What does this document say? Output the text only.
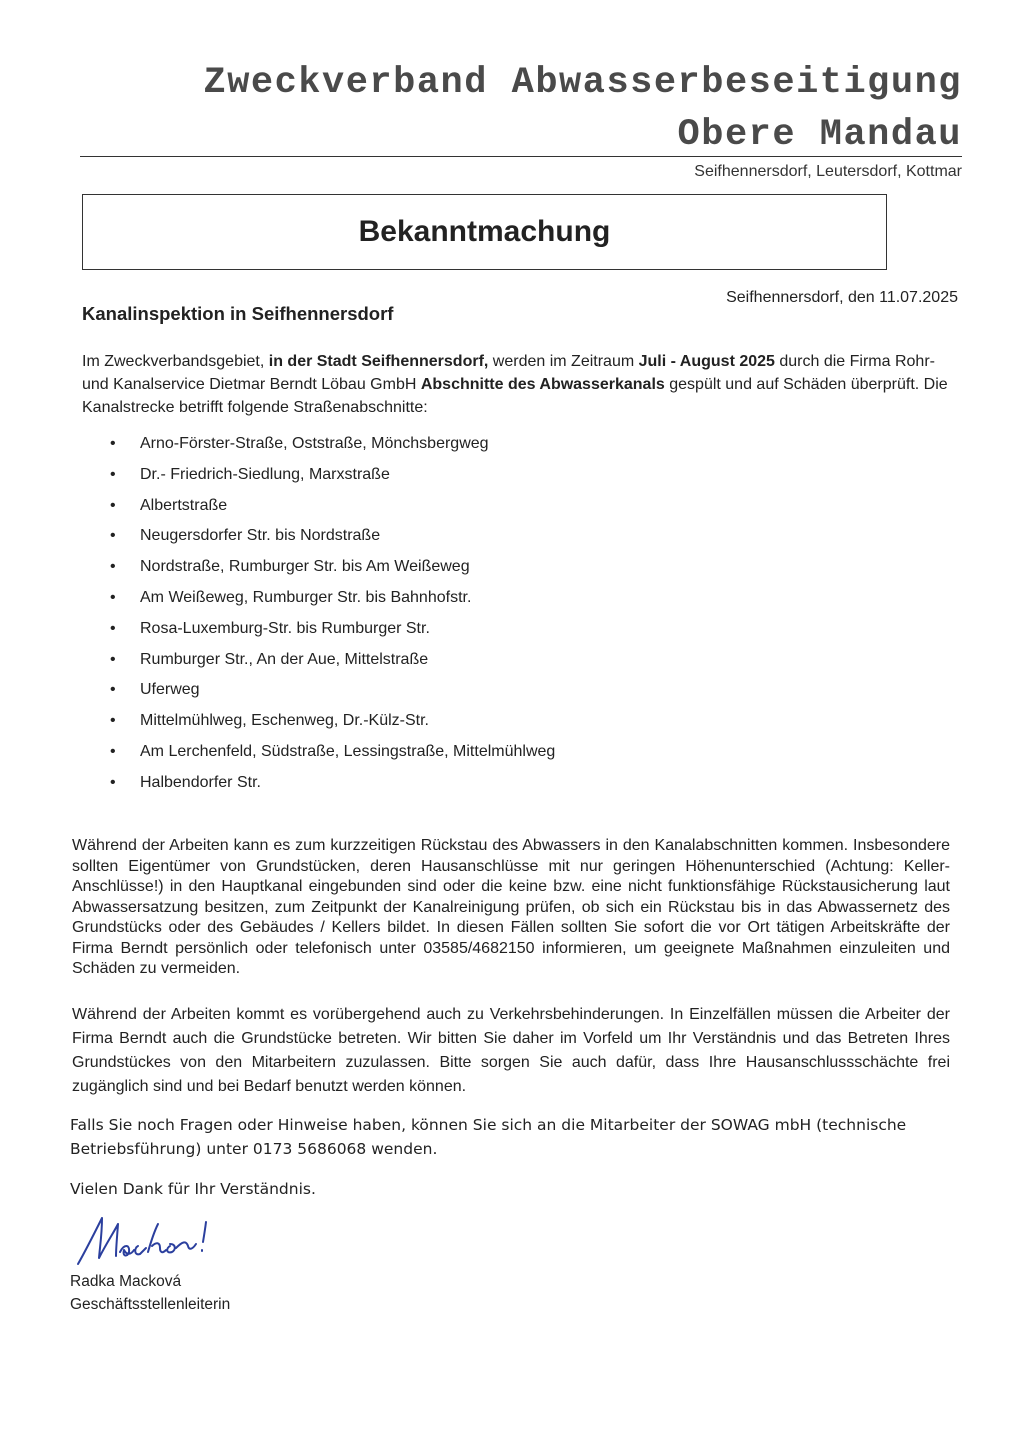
Zweckverband Abwasserbeseitigung
Obere Mandau
Seifhennersdorf, Leutersdorf, Kottmar
Bekanntmachung
Seifhennersdorf, den 11.07.2025
Kanalinspektion in Seifhennersdorf
Im Zweckverbandsgebiet, in der Stadt Seifhennersdorf, werden im Zeitraum Juli - August 2025 durch die Firma Rohr- und Kanalservice Dietmar Berndt Löbau GmbH Abschnitte des Abwasserkanals gespült und auf Schäden überprüft. Die Kanalstrecke betrifft folgende Straßenabschnitte:
• Arno-Förster-Straße, Oststraße, Mönchsbergweg
• Dr.- Friedrich-Siedlung, Marxstraße
• Albertstraße
• Neugersdorfer Str. bis Nordstraße
• Nordstraße, Rumburger Str. bis Am Weißeweg
• Am Weißeweg, Rumburger Str. bis Bahnhofstr.
• Rosa-Luxemburg-Str. bis Rumburger Str.
• Rumburger Str., An der Aue, Mittelstraße
• Uferweg
• Mittelmühlweg, Eschenweg, Dr.-Külz-Str.
• Am Lerchenfeld, Südstraße, Lessingstraße, Mittelmühlweg
• Halbendorfer Str.
Während der Arbeiten kann es zum kurzzeitigen Rückstau des Abwassers in den Kanalabschnitten kommen. Insbesondere sollten Eigentümer von Grundstücken, deren Hausanschlüsse mit nur geringen Höhenunterschied (Achtung: Keller- Anschlüsse!) in den Hauptkanal eingebunden sind oder die keine bzw. eine nicht funktionsfähige Rückstausicherung laut Abwassersatzung besitzen, zum Zeitpunkt der Kanalreinigung prüfen, ob sich ein Rückstau bis in das Abwassernetz des Grundstücks oder des Gebäudes / Kellers bildet. In diesen Fällen sollten Sie sofort die vor Ort tätigen Arbeitskräfte der Firma Berndt persönlich oder telefonisch unter 03585/4682150 informieren, um geeignete Maßnahmen einzuleiten und Schäden zu vermeiden.
Während der Arbeiten kommt es vorübergehend auch zu Verkehrsbehinderungen. In Einzelfällen müssen die Arbeiter der Firma Berndt auch die Grundstücke betreten. Wir bitten Sie daher im Vorfeld um Ihr Verständnis und das Betreten Ihres Grundstückes von den Mitarbeitern zuzulassen. Bitte sorgen Sie auch dafür, dass Ihre Hausanschlussschächte frei zugänglich sind und bei Bedarf benutzt werden können.
Falls Sie noch Fragen oder Hinweise haben, können Sie sich an die Mitarbeiter der SOWAG mbH (technische Betriebsführung) unter 0173 5686068 wenden.
Vielen Dank für Ihr Verständnis.
Radka Macková
Geschäftsstellenleiterin
